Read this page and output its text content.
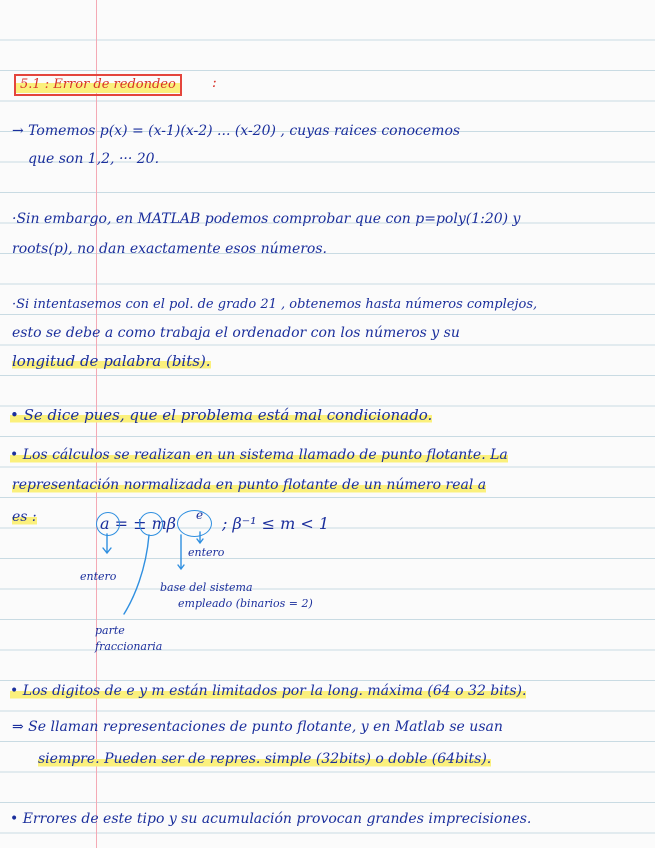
5.1 : Error de redondeo	:
→ Tomemos p(x) = (x-1)(x-2) ... (x-20) , cuyas raices conocemos
que son 1,2, ··· 20.
·Sin embargo, en MATLAB podemos comprobar que con p=poly(1:20) y
roots(p), no dan exactamente esos números.
·Si intentasemos con el pol. de grado 21 , obtenemos hasta números complejos,
esto se debe a como trabaja el ordenador con los números y su
longitud de palabra (bits).
• Se dice pues, que el problema está mal condicionado.
• Los cálculos se realizan en un sistema llamado de punto flotante. La
representación normalizada en punto flotante de un número real a
es :	a = ± mβ e ; β⁻¹ ≤ m < 1
entero
entero
base del sistema
empleado (binarios = 2)
parte
fraccionaria
• Los digitos de e y m están limitados por la long. máxima (64 o 32 bits).
⇒ Se llaman representaciones de punto flotante, y en Matlab se usan
siempre. Pueden ser de repres. simple (32bits) o doble (64bits).
• Errores de este tipo y su acumulación provocan grandes imprecisiones.
